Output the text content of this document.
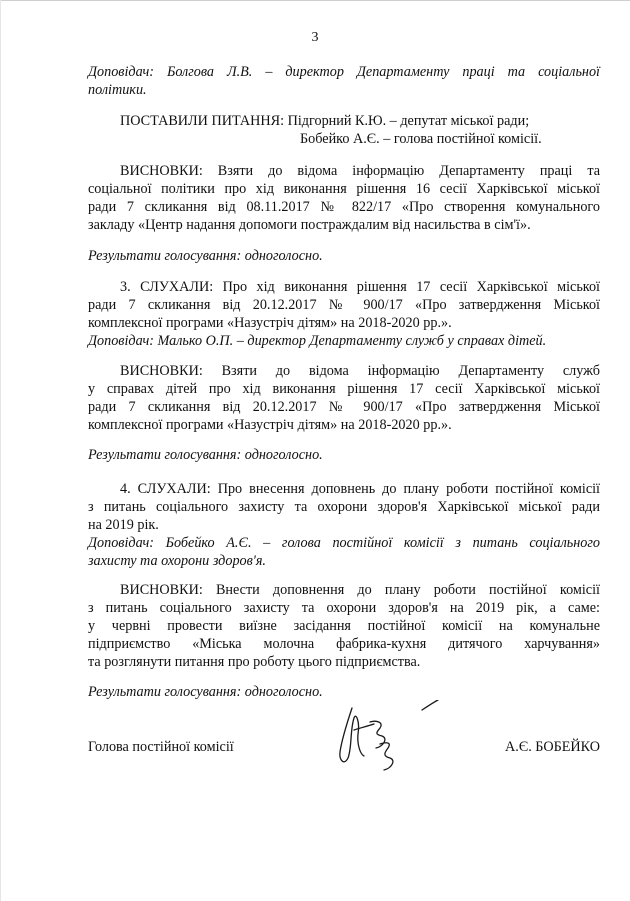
3
Доповідач: Болгова Л.В. – директор Департаменту праці та соціальної
політики.
ПОСТАВИЛИ ПИТАННЯ: Підгорний К.Ю. – депутат міської ради;
Бобейко А.Є. – голова постійної комісії.
ВИСНОВКИ: Взяти до відома інформацію Департаменту праці та
соціальної політики про хід виконання рішення 16 сесії Харківської міської
ради 7 скликання від 08.11.2017 № 822/17 «Про створення комунального
закладу «Центр надання допомоги постраждалим від насильства в сім'ї».
Результати голосування: одноголосно.
3. СЛУХАЛИ: Про хід виконання рішення 17 сесії Харківської міської
ради 7 скликання від 20.12.2017 № 900/17 «Про затвердження Міської
комплексної програми «Назустріч дітям» на 2018-2020 рр.».
Доповідач: Малько О.П. – директор Департаменту служб у справах дітей.
ВИСНОВКИ: Взяти до відома інформацію Департаменту служб
у справах дітей про хід виконання рішення 17 сесії Харківської міської
ради 7 скликання від 20.12.2017 № 900/17 «Про затвердження Міської
комплексної програми «Назустріч дітям» на 2018-2020 рр.».
Результати голосування: одноголосно.
4. СЛУХАЛИ: Про внесення доповнень до плану роботи постійної комісії
з питань соціального захисту та охорони здоров'я Харківської міської ради
на 2019 рік.
Доповідач: Бобейко А.Є. – голова постійної комісії з питань соціального
захисту та охорони здоров'я.
ВИСНОВКИ: Внести доповнення до плану роботи постійної комісії
з питань соціального захисту та охорони здоров'я на 2019 рік, а саме:
у червні провести виїзне засідання постійної комісії на комунальне
підприємство «Міська молочна фабрика-кухня дитячого харчування»
та розглянути питання про роботу цього підприємства.
Результати голосування: одноголосно.
Голова постійної комісії	А.Є. БОБЕЙКО
